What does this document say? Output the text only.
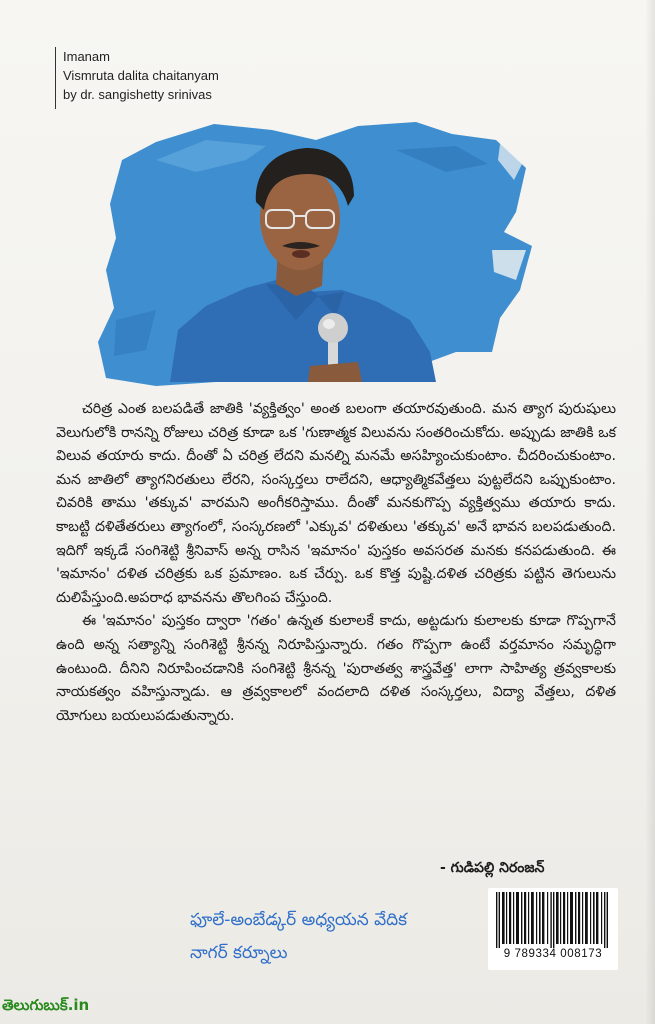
Imanam
Vismruta dalita chaitanyam
by dr. sangishetty srinivas

చరిత్ర ఎంత బలపడితే జాతికి 'వ్యక్తిత్వం' అంత బలంగా తయారవుతుంది. మన త్యాగ పురుషులు వెలుగులోకి రానన్ని రోజులు చరిత్ర కూడా ఒక 'గుణాత్మక విలువను సంతరించుకోదు. అప్పుడు జాతికి ఒక విలువ తయారు కాదు. దీంతో ఏ చరిత్ర లేదని మనల్ని మనమే అసహ్యించుకుంటాం. చీదరించుకుంటాం. మన జాతిలో త్యాగనిరతులు లేరని, సంస్కర్తలు రాలేదని, ఆధ్యాత్మికవేత్తలు పుట్టలేదని ఒప్పుకుంటాం. చివరికి తాము 'తక్కువ' వారమని అంగీకరిస్తాము. దీంతో మనకుగొప్ప వ్యక్తిత్వము తయారు కాదు. కాబట్టి దళితేతరులు త్యాగంలో, సంస్కరణలో 'ఎక్కువ' దళితులు 'తక్కువ' అనే భావన బలపడుతుంది. ఇదిగో ఇక్కడే సంగిశెట్టి శ్రీనివాస్ అన్న రాసిన 'ఇమానం' పుస్తకం అవసరత మనకు కనపడుతుంది. ఈ 'ఇమానం' దళిత చరిత్రకు ఒక ప్రమాణం. ఒక చేర్పు. ఒక కొత్త పుష్టి.దళిత చరిత్రకు పట్టిన తెగులును దులిపేస్తుంది.అపరాధ భావనను తొలగింప చేస్తుంది.

ఈ 'ఇమానం' పుస్తకం ద్వారా 'గతం' ఉన్నత కులాలకే కాదు, అట్టడుగు కులాలకు కూడా గొప్పగానే ఉంది అన్న సత్యాన్ని సంగిశెట్టి శ్రీనన్న నిరూపిస్తున్నారు. గతం గొప్పగా ఉంటే వర్తమానం సమృద్ధిగా ఉంటుంది. దీనిని నిరూపించడానికి సంగిశెట్టి శ్రీనన్న 'పురాతత్వ శాస్త్రవేత్త' లాగా సాహిత్య త్రవ్వకాలకు నాయకత్వం వహిస్తున్నాడు. ఆ త్రవ్వకాలలో వందలాది దళిత సంస్కర్తలు, విద్యా వేత్తలు, దళిత యోగులు బయలుపడుతున్నారు.

- గుడిపల్లి నిరంజన్
ఫూలే-అంబేడ్కర్ అధ్యయన వేదిక
నాగర్ కర్నూలు	9 789334 008173
తెలుగుబుక్.in
